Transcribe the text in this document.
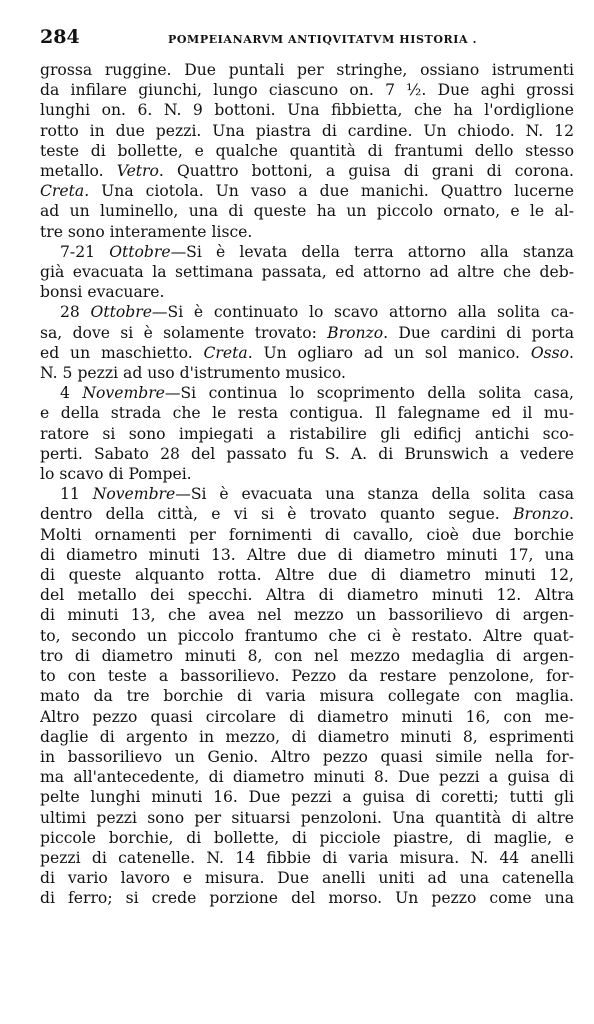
284	POMPEIANARVM ANTIQVITATVM HISTORIA .
grossa ruggine. Due puntali per stringhe, ossiano istrumenti
da infilare giunchi, lungo ciascuno on. 7 ½. Due aghi grossi
lunghi on. 6. N. 9 bottoni. Una fibbietta, che ha l'ordiglione
rotto in due pezzi. Una piastra di cardine. Un chiodo. N. 12
teste di bollette, e qualche quantità di frantumi dello stesso
metallo. Vetro. Quattro bottoni, a guisa di grani di corona.
Creta. Una ciotola. Un vaso a due manichi. Quattro lucerne
ad un luminello, una di queste ha un piccolo ornato, e le al-
tre sono interamente lisce.
7-21 Ottobre—Si è levata della terra attorno alla stanza
già evacuata la settimana passata, ed attorno ad altre che deb-
bonsi evacuare.
28 Ottobre—Si è continuato lo scavo attorno alla solita ca-
sa, dove si è solamente trovato: Bronzo. Due cardini di porta
ed un maschietto. Creta. Un ogliaro ad un sol manico. Osso.
N. 5 pezzi ad uso d'istrumento musico.
4 Novembre—Si continua lo scoprimento della solita casa,
e della strada che le resta contigua. Il falegname ed il mu-
ratore si sono impiegati a ristabilire gli edificj antichi sco-
perti. Sabato 28 del passato fu S. A. di Brunswich a vedere
lo scavo di Pompei.
11 Novembre—Si è evacuata una stanza della solita casa
dentro della città, e vi si è trovato quanto segue. Bronzo.
Molti ornamenti per fornimenti di cavallo, cioè due borchie
di diametro minuti 13. Altre due di diametro minuti 17, una
di queste alquanto rotta. Altre due di diametro minuti 12,
del metallo dei specchi. Altra di diametro minuti 12. Altra
di minuti 13, che avea nel mezzo un bassorilievo di argen-
to, secondo un piccolo frantumo che ci è restato. Altre quat-
tro di diametro minuti 8, con nel mezzo medaglia di argen-
to con teste a bassorilievo. Pezzo da restare penzolone, for-
mato da tre borchie di varia misura collegate con maglia.
Altro pezzo quasi circolare di diametro minuti 16, con me-
daglie di argento in mezzo, di diametro minuti 8, esprimenti
in bassorilievo un Genio. Altro pezzo quasi simile nella for-
ma all'antecedente, di diametro minuti 8. Due pezzi a guisa di
pelte lunghi minuti 16. Due pezzi a guisa di coretti; tutti gli
ultimi pezzi sono per situarsi penzoloni. Una quantità di altre
piccole borchie, di bollette, di picciole piastre, di maglie, e
pezzi di catenelle. N. 14 fibbie di varia misura. N. 44 anelli
di vario lavoro e misura. Due anelli uniti ad una catenella
di ferro; si crede porzione del morso. Un pezzo come una
